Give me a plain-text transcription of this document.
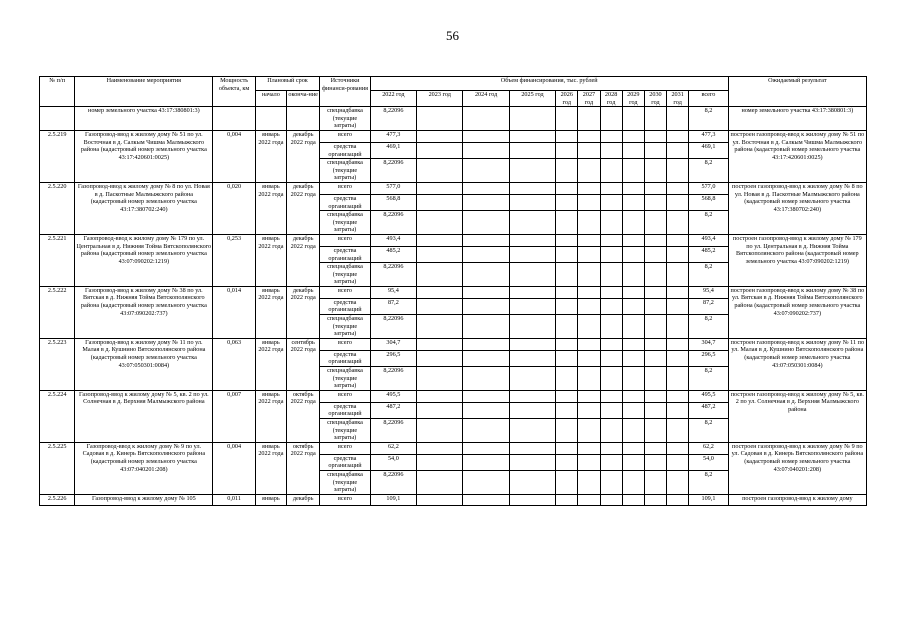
56
№ п/п	Наименование мероприятия	Мощность объекта, км	Плановый срок		Источники финанси-рования	Объем финансирования, тыс. рублей											Ожидаемый результат
			начало	оконча-ние		2022 год	2023 год	2024 год	2025 год	2026 год	2027 год	2028 год	2029 год	2030 год	2031 год	всего	

	номер земельного участка 43:17:380801:3)				спецнадбавка (текущие затраты)	8,22096										8,2	номер земельного участка 43:17:380801:3)
2.5.219	Газопровод-ввод к жилому дому № 51 по ул. Восточная в д. Салкым Чишма Малмыжского района (кадастровый номер земельного участка 43:17:420601:0025)	0,004	январь 2022 года	декабрь 2022 года	всего	477,3										477,3	построен газопровод-ввод к жилому дому № 51 по ул. Восточная в д. Салкым Чишма Малмыжского района (кадастровый номер земельного участка 43:17:420601:0025)
					средства организаций	469,1										469,1	
					спецнадбавка (текущие затраты)	8,22096										8,2	
2.5.220	Газопровод-ввод к жилому дому № 8 по ул. Новая в д. Паскотные Малмыжского района (кадастровый номер земельного участка 43:17:380702:240)	0,020	январь 2022 года	декабрь 2022 года	всего	577,0										577,0	построен газопровод-ввод к жилому дому № 8 по ул. Новая в д. Паскотные Малмыжского района (кадастровый номер земельного участка 43:17:380702:240)
					средства организаций	568,8										568,8	
					спецнадбавка (текущие затраты)	8,22096										8,2	
2.5.221	Газопровод-ввод к жилому дому № 179 по ул. Центральная в д. Нижняя Тойма Вятскополянского района (кадастровый номер земельного участка 43:07:090202:1219)	0,253	январь 2022 года	декабрь 2022 года	всего	493,4										493,4	построен газопровод-ввод к жилому дому № 179 по ул. Центральная в д. Нижняя Тойма Вятскополянского района (кадастровый номер земельного участка 43:07:090202:1219)
					средства организаций	485,2										485,2	
					спецнадбавка (текущие затраты)	8,22096										8,2	
2.5.222	Газопровод-ввод к жилому дому № 38 по ул. Вятская в д. Нижняя Тойма Вятскополянского района (кадастровый номер земельного участка 43:07:090202:737)	0,014	январь 2022 года	декабрь 2022 года	всего	95,4										95,4	построен газопровод-ввод к жилому дому № 38 по ул. Вятская в д. Нижняя Тойма Вятскополянского района (кадастровый номер земельного участка 43:07:090202:737)
					средства организаций	87,2										87,2	
					спецнадбавка (текущие затраты)	8,22096										8,2	
2.5.223	Газопровод-ввод к жилому дому № 11 по ул. Малая в д. Кушнино Вятскополянского района (кадастровый номер земельного участка 43:07:050301:0084)	0,063	январь 2022 года	сентябрь 2022 года	всего	304,7										304,7	построен газопровод-ввод к жилому дому № 11 по ул. Малая в д. Кушнино Вятскополянского района (кадастровый номер земельного участка 43:07:050301:0084)
					средства организаций	296,5										296,5	
					спецнадбавка (текущие затраты)	8,22096										8,2	
2.5.224	Газопровод-ввод к жилому дому № 5, кв. 2 по ул. Солнечная в д. Верхняя Малмыжского района	0,007	январь 2022 года	октябрь 2022 года	всего	495,5										495,5	построен газопровод-ввод к жилому дому № 5, кв. 2 по ул. Солнечная в д. Верхняя Малмыжского района
					средства организаций	487,2										487,2	
					спецнадбавка (текущие затраты)	8,22096										8,2	
2.5.225	Газопровод-ввод к жилому дому № 9 по ул. Садовая в д. Кинерь Вятскополянского района (кадастровый номер земельного участка 43:07:040201:208)	0,004	январь 2022 года	октябрь 2022 года	всего	62,2										62,2	построен газопровод-ввод к жилому дому № 9 по ул. Садовая в д. Кинерь Вятскополянского района (кадастровый номер земельного участка 43:07:040201:208)
					средства организаций	54,0										54,0	
					спецнадбавка (текущие затраты)	8,22096										8,2	
2.5.226	Газопровод-ввод к жилому дому № 105	0,011	январь	декабрь	всего	109,1										109,1	построен газопровод-ввод к жилому дому
